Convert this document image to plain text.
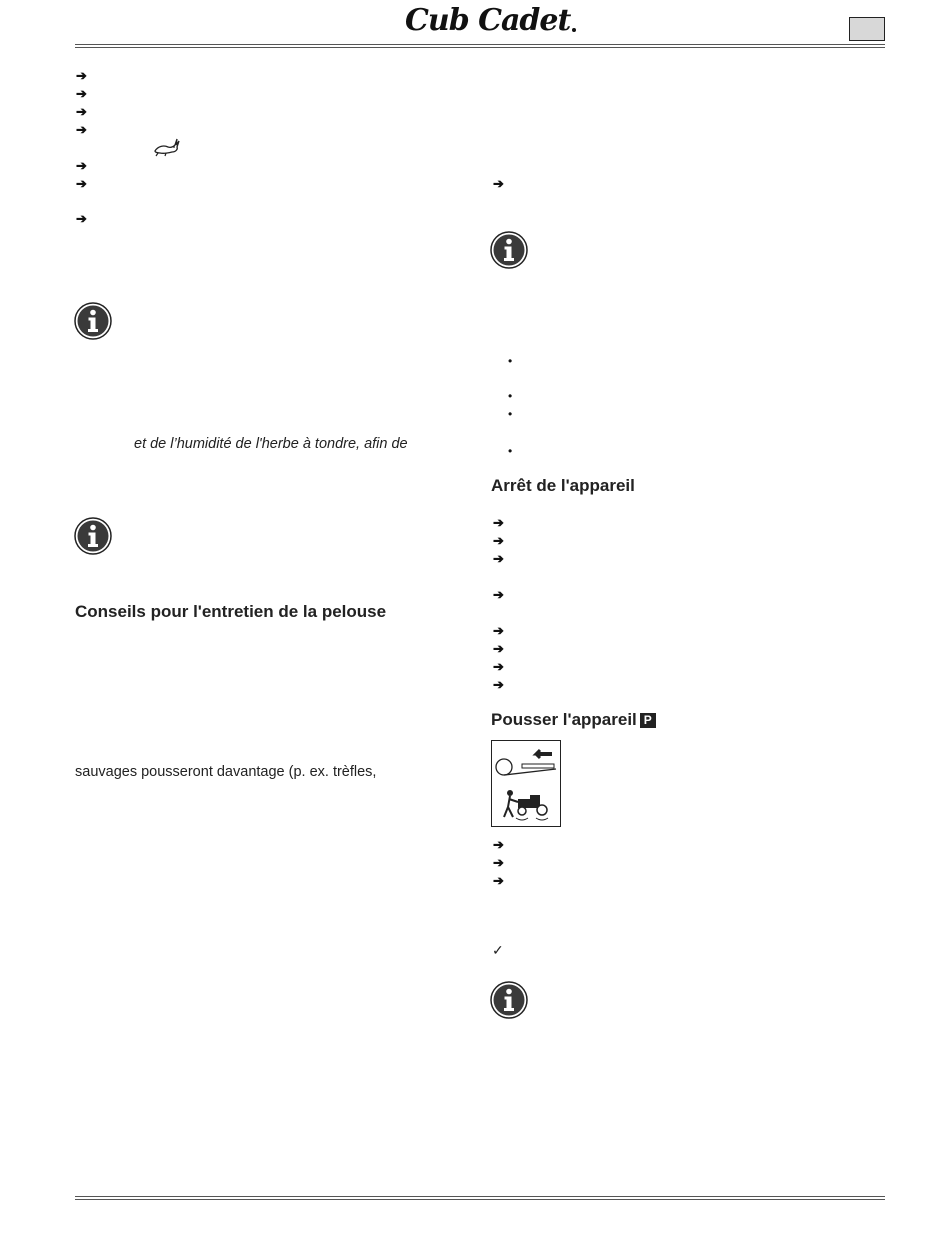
Cub Cadet
➔
➔
➔
➔
➔
➔
➔
et de l’humidité de l'herbe à tondre, afin de
Conseils pour l'entretien de la pelouse
sauvages pousseront davantage (p. ex. trèfles,
➔
•
•
•
•
Arrêt de l'appareil
➔
➔
➔
➔
➔
➔
➔
➔
Pousser l'appareil P
➔
➔
➔
✓
